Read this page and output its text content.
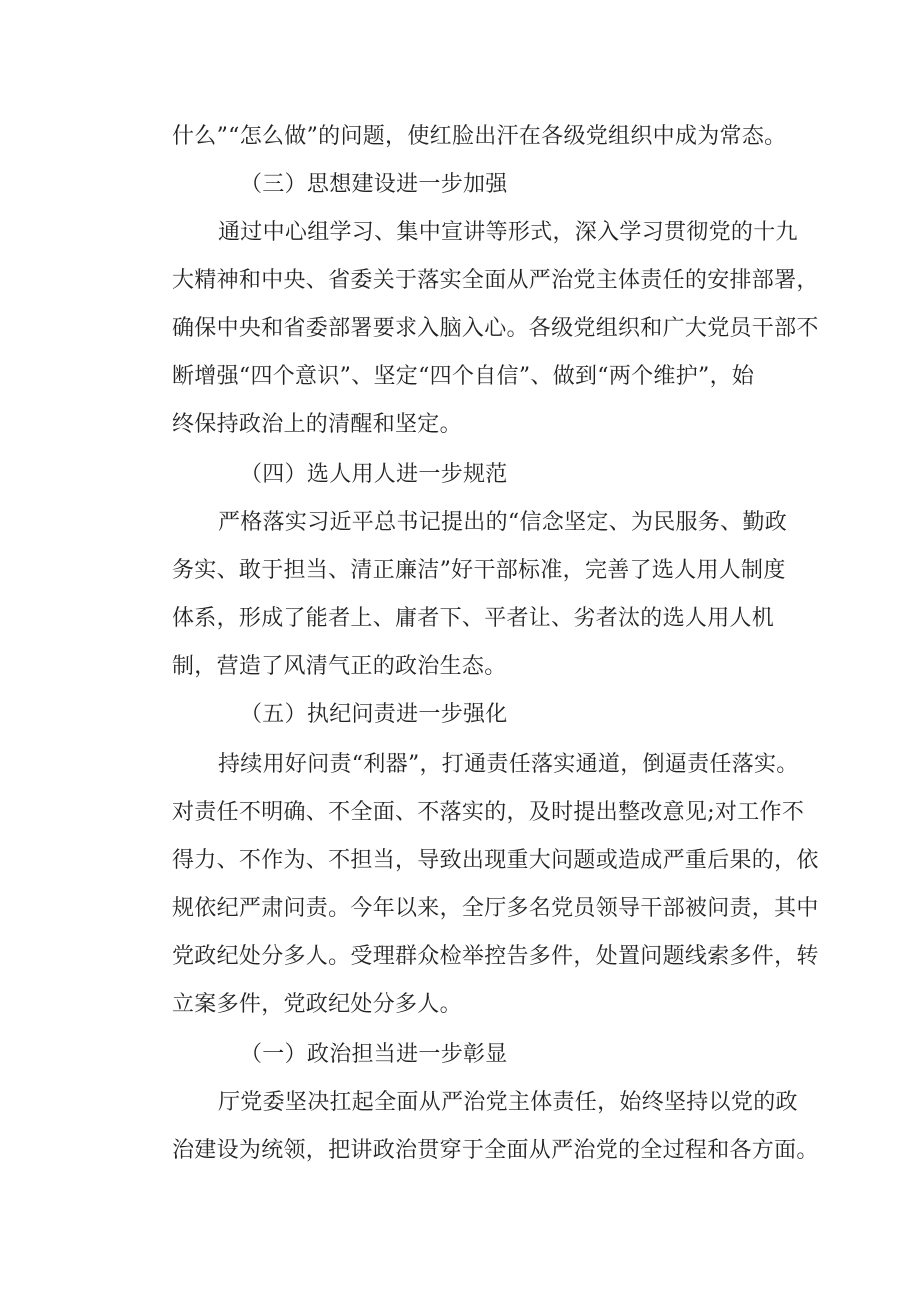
什么”“怎么做”的问题，使红脸出汗在各级党组织中成为常态。
（三）思想建设进一步加强
通过中心组学习、集中宣讲等形式，深入学习贯彻党的十九
大精神和中央、省委关于落实全面从严治党主体责任的安排部署，
确保中央和省委部署要求入脑入心。各级党组织和广大党员干部不
断增强“四个意识”、坚定“四个自信”、做到“两个维护”，始
终保持政治上的清醒和坚定。
（四）选人用人进一步规范
严格落实习近平总书记提出的“信念坚定、为民服务、勤政
务实、敢于担当、清正廉洁”好干部标准，完善了选人用人制度
体系，形成了能者上、庸者下、平者让、劣者汰的选人用人机
制，营造了风清气正的政治生态。
（五）执纪问责进一步强化
持续用好问责“利器”，打通责任落实通道，倒逼责任落实。
对责任不明确、不全面、不落实的，及时提出整改意见;对工作不
得力、不作为、不担当，导致出现重大问题或造成严重后果的，依
规依纪严肃问责。今年以来，全厅多名党员领导干部被问责，其中
党政纪处分多人。受理群众检举控告多件，处置问题线索多件，转
立案多件，党政纪处分多人。
（一）政治担当进一步彰显
厅党委坚决扛起全面从严治党主体责任，始终坚持以党的政
治建设为统领，把讲政治贯穿于全面从严治党的全过程和各方面。
